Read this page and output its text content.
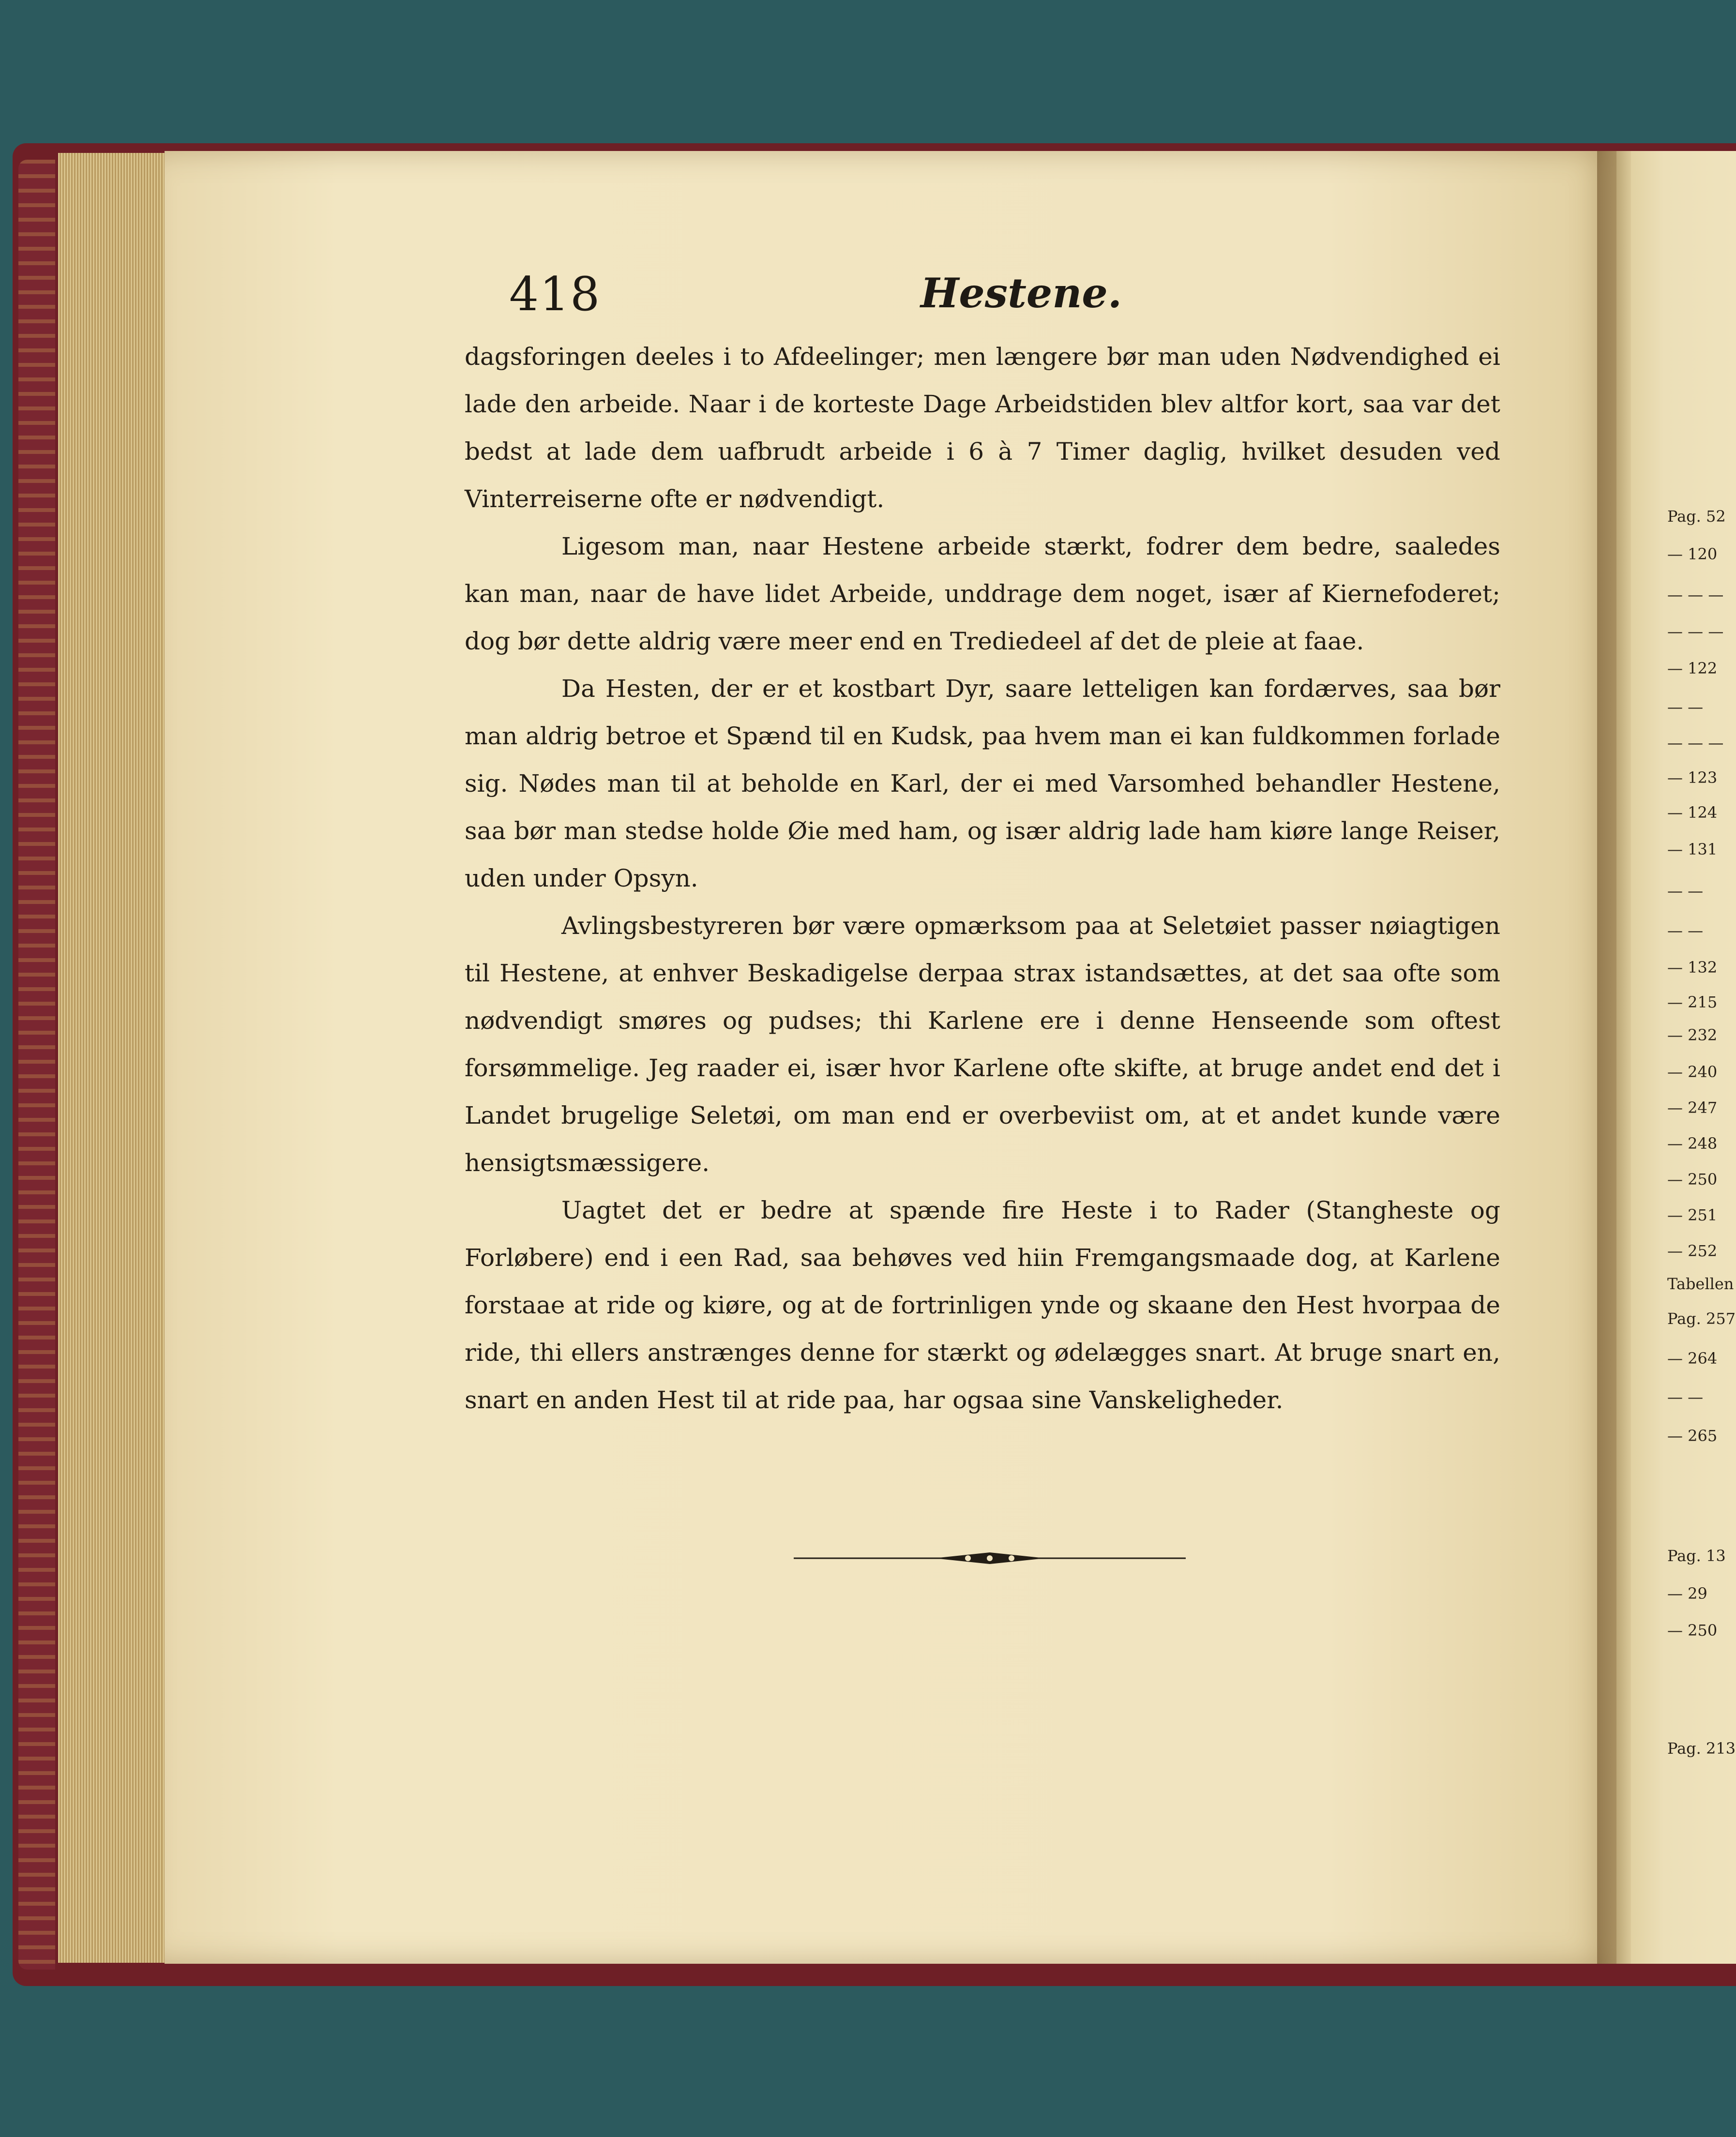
418	Hestene.

dagsforingen deeles i to Afdeelinger; men længere bør man uden Nødvendighed ei lade den arbeide. Naar i de korteste Dage Arbeidstiden blev altfor kort, saa var det bedst at lade dem uafbrudt arbeide i 6 à 7 Timer daglig, hvilket desuden ved Vinterreiserne ofte er nødvendigt.

Ligesom man, naar Hestene arbeide stærkt, fodrer dem bedre, saaledes kan man, naar de have lidet Arbeide, unddrage dem noget, især af Kiernefoderet; dog bør dette aldrig være meer end en Trediedeel af det de pleie at faae.

Da Hesten, der er et kostbart Dyr, saare letteligen kan fordærves, saa bør man aldrig betroe et Spænd til en Kudsk, paa hvem man ei kan fuldkommen forlade sig. Nødes man til at beholde en Karl, der ei med Varsomhed behandler Hestene, saa bør man stedse holde Øie med ham, og især aldrig lade ham kiøre lange Reiser, uden under Opsyn.

Avlingsbestyreren bør være opmærksom paa at Seletøiet passer nøiagtigen til Hestene, at enhver Beskadigelse derpaa strax istandsættes, at det saa ofte som nødvendigt smøres og pudses; thi Karlene ere i denne Henseende som oftest forsømmelige. Jeg raader ei, især hvor Karlene ofte skifte, at bruge andet end det i Landet brugelige Seletøi, om man end er overbeviist om, at et andet kunde være hensigtsmæssigere.

Uagtet det er bedre at spænde fire Heste i to Rader (Stangheste og Forløbere) end i een Rad, saa behøves ved hiin Fremgangsmaade dog, at Karlene forstaae at ride og kiøre, og at de fortrinligen ynde og skaane den Hest hvorpaa de ride, thi ellers anstrænges denne for stærkt og ødelægges snart. At bruge snart en, snart en anden Hest til at ride paa, har ogsaa sine Vanskeligheder.

Pag. 52
— 120
— — —
— — —
— 122
— —
— — —
— 123
— 124
— 131
— —
— —
— 132
— 215
— 232
— 240
— 247
— 248
— 250
— 251
— 252
Tabellen
Pag. 257
— 264
— —
— 265
Pag. 13
— 29
— 250
Pag. 213
